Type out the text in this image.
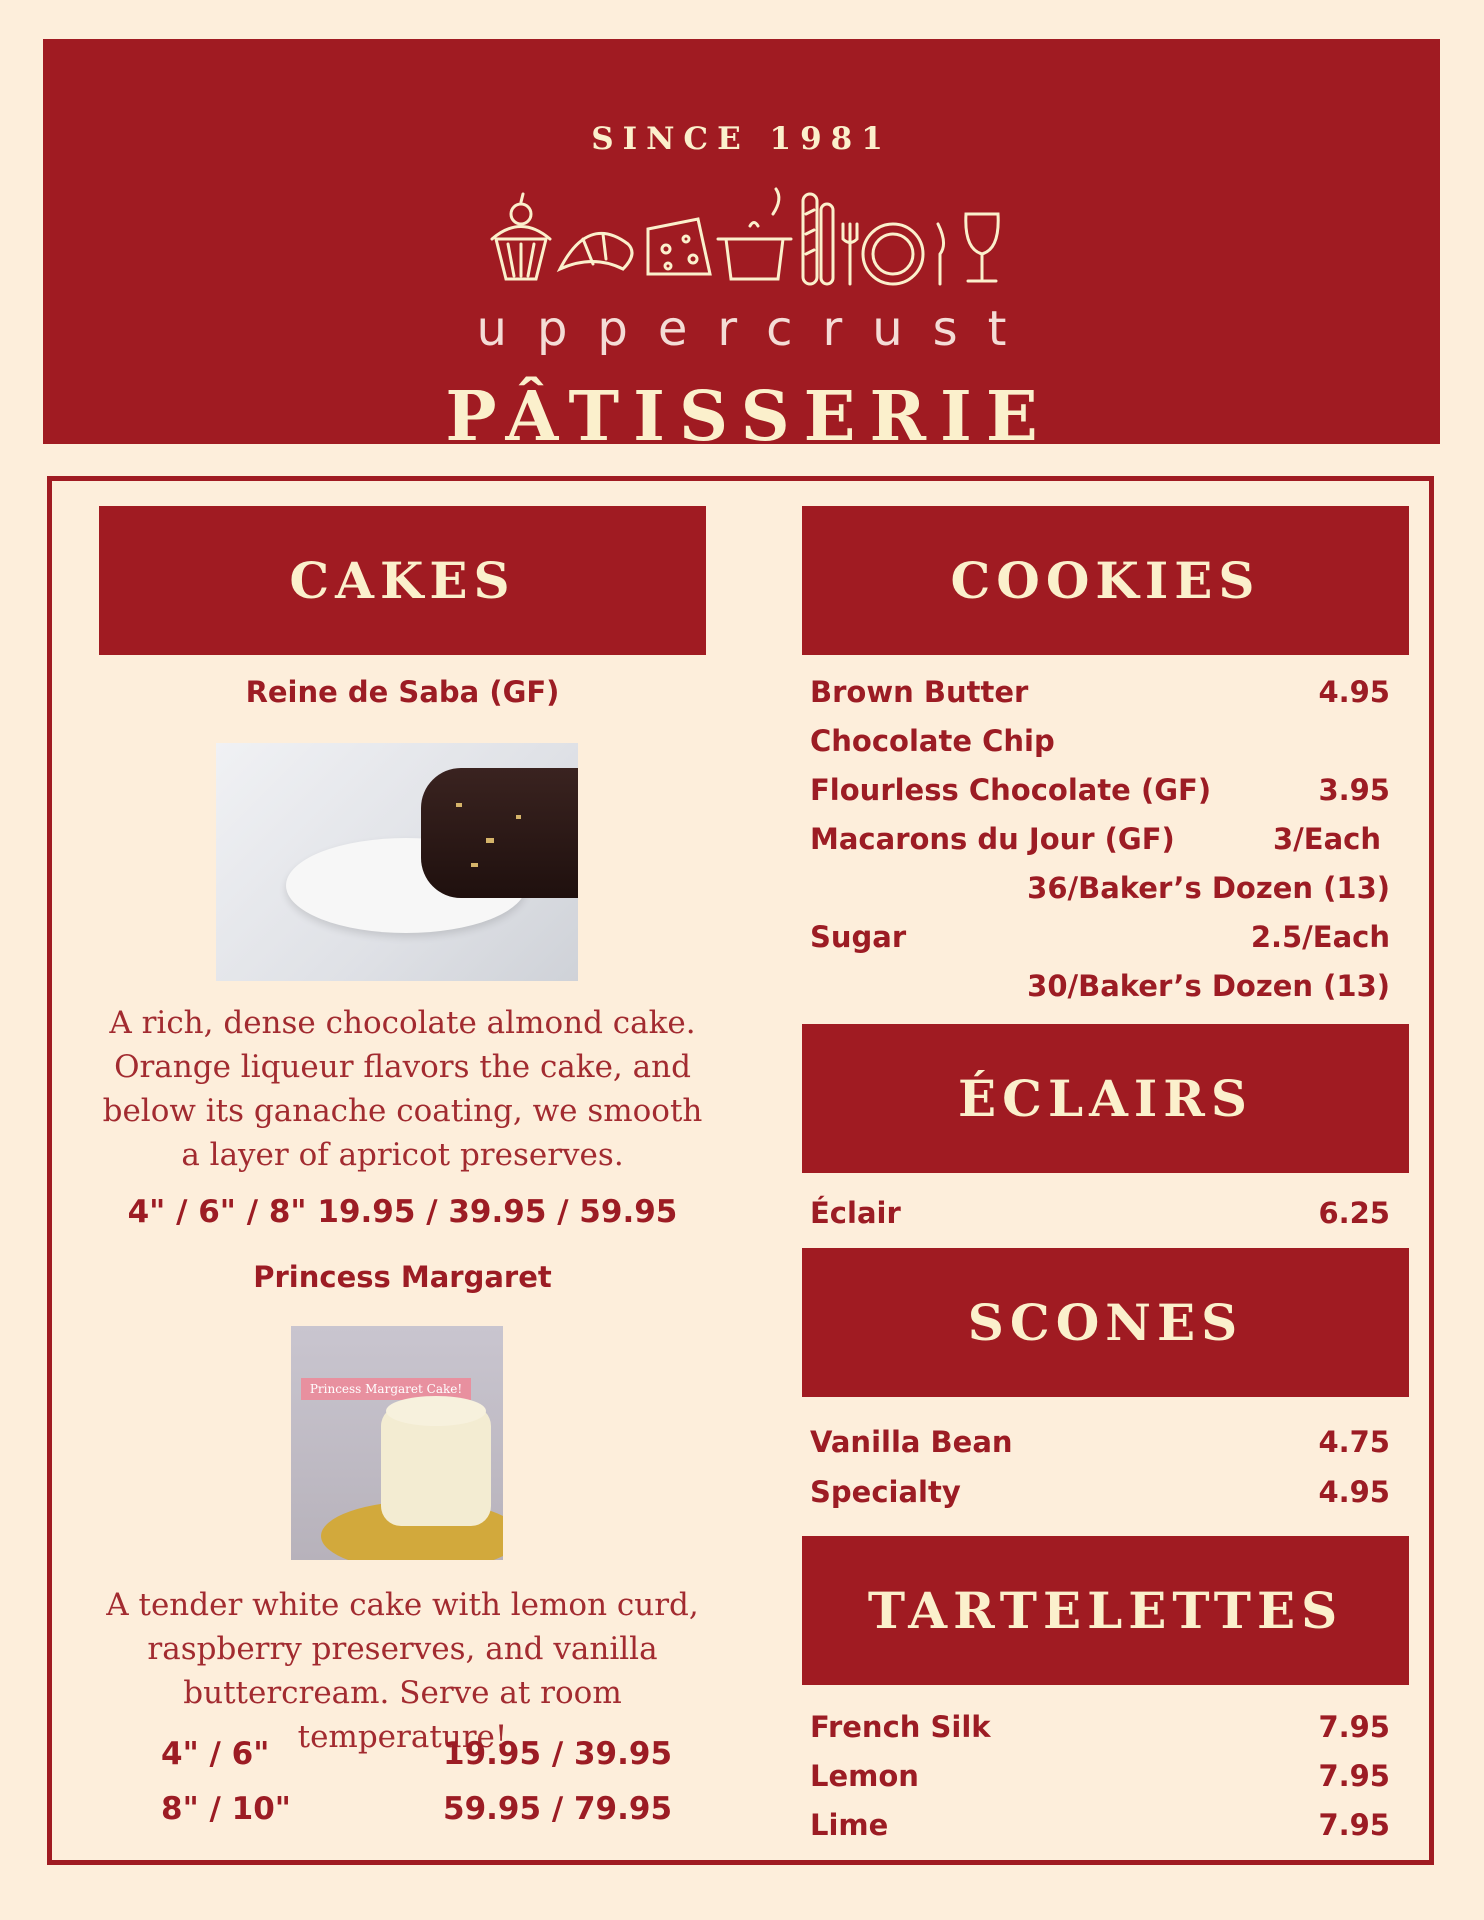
SINCE 1981
uppercrust
PÂTISSERIE
CAKES
Reine de Saba (GF)
A rich, dense chocolate almond cake. Orange liqueur flavors the cake, and below its ganache coating, we smooth a layer of apricot preserves.
4" / 6" / 8" 19.95 / 39.95 / 59.95
Princess Margaret
Princess Margaret Cake!
A tender white cake with lemon curd, raspberry preserves, and vanilla buttercream. Serve at room temperature!
4" / 6"	19.95 / 39.95
8" / 10"	59.95 / 79.95
COOKIES
Brown Butter	4.95
Chocolate Chip
Flourless Chocolate (GF)	3.95
Macarons du Jour (GF)	3/Each
36/Baker’s Dozen (13)
Sugar	2.5/Each
30/Baker’s Dozen (13)
ÉCLAIRS
Éclair	6.25
SCONES
Vanilla Bean	4.75
Specialty	4.95
TARTELETTES
French Silk	7.95
Lemon	7.95
Lime	7.95
